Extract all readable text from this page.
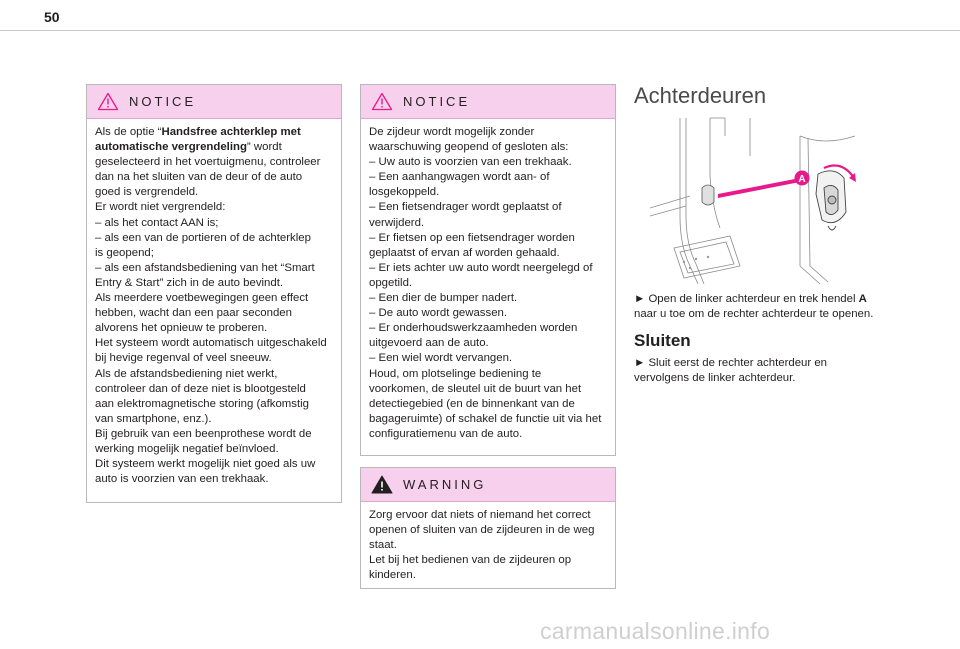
50
NOTICE

Als de optie “Handsfree achterklep met

automatische vergrendeling” wordt

geselecteerd in het voertuigmenu, controleer

dan na het sluiten van de deur of de auto

goed is vergrendeld.

Er wordt niet vergrendeld:

– als het contact AAN is;

– als een van de portieren of de achterklep

is geopend;

– als een afstandsbediening van het “Smart

Entry & Start” zich in de auto bevindt.

Als meerdere voetbewegingen geen effect

hebben, wacht dan een paar seconden

alvorens het opnieuw te proberen.

Het systeem wordt automatisch uitgeschakeld

bij hevige regenval of veel sneeuw.

Als de afstandsbediening niet werkt,

controleer dan of deze niet is blootgesteld

aan elektromagnetische storing (afkomstig

van smartphone, enz.).

Bij gebruik van een beenprothese wordt de

werking mogelijk negatief beïnvloed.

Dit systeem werkt mogelijk niet goed als uw

auto is voorzien van een trekhaak.

NOTICE

De zijdeur wordt mogelijk zonder

waarschuwing geopend of gesloten als:

– Uw auto is voorzien van een trekhaak.

– Een aanhangwagen wordt aan- of

losgekoppeld.

– Een fietsendrager wordt geplaatst of

verwijderd.

– Er fietsen op een fietsendrager worden

geplaatst of ervan af worden gehaald.

– Er iets achter uw auto wordt neergelegd of

opgetild.

– Een dier de bumper nadert.

– De auto wordt gewassen.

– Er onderhoudswerkzaamheden worden

uitgevoerd aan de auto.

– Een wiel wordt vervangen.

Houd, om plotselinge bediening te

voorkomen, de sleutel uit de buurt van het

detectiegebied (en de binnenkant van de

bagageruimte) of schakel de functie uit via het

configuratiemenu van de auto.

WARNING

Zorg ervoor dat niets of niemand het correct

openen of sluiten van de zijdeuren in de weg

staat.

Let bij het bedienen van de zijdeuren op

kinderen.

Achterdeuren
A

► Open de linker achterdeur en trek hendel A

naar u toe om de rechter achterdeur te openen.

Sluiten

► Sluit eerst de rechter achterdeur en

vervolgens de linker achterdeur.

carmanualsonline.info
